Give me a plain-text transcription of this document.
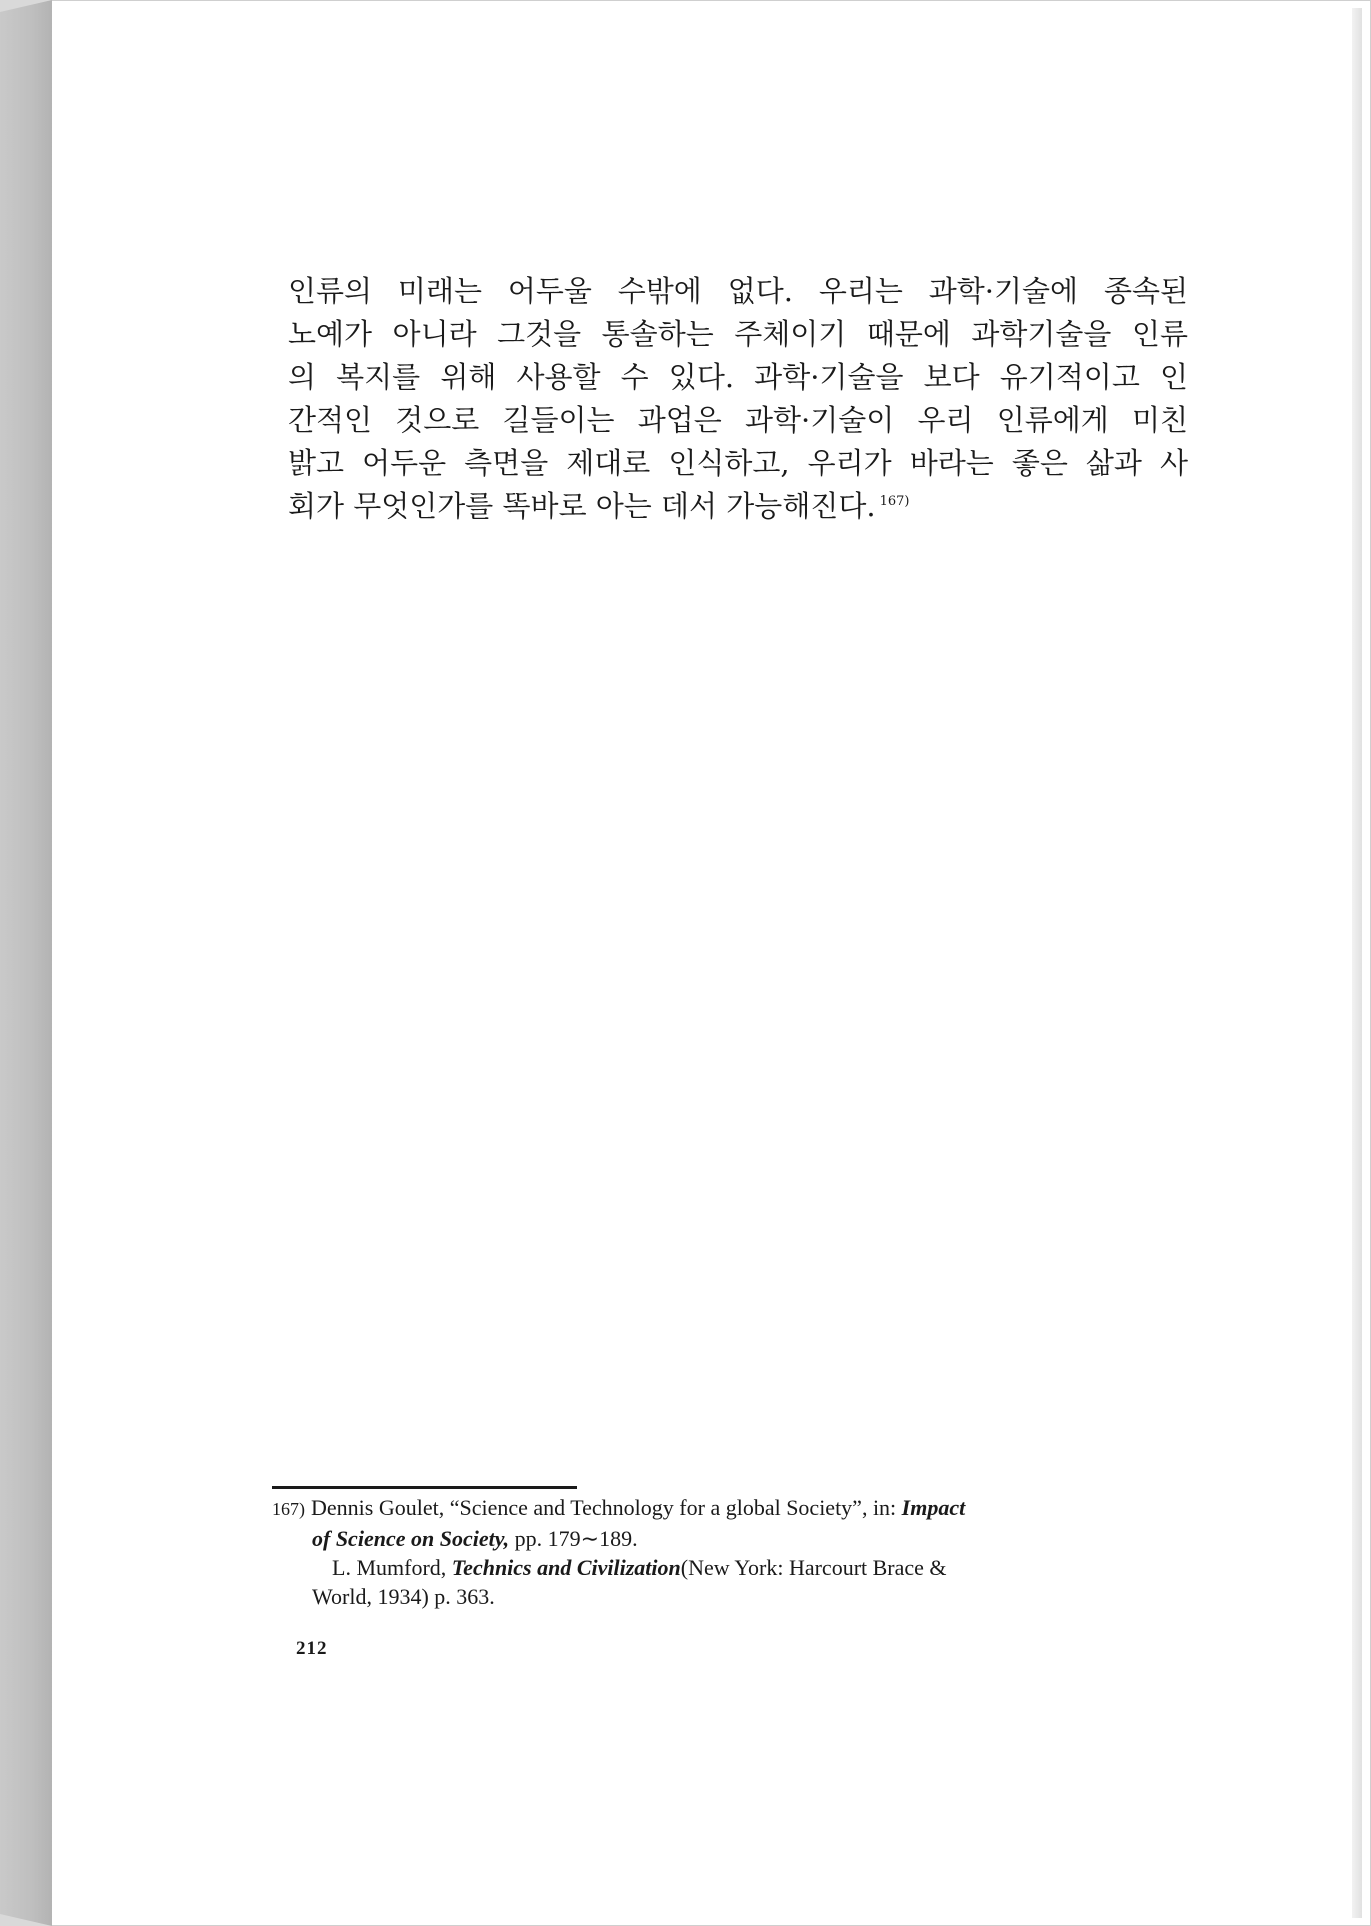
인류의 미래는 어두울 수밖에 없다. 우리는 과학·기술에 종속된
노예가 아니라 그것을 통솔하는 주체이기 때문에 과학기술을 인류
의 복지를 위해 사용할 수 있다. 과학·기술을 보다 유기적이고 인
간적인 것으로 길들이는 과업은 과학·기술이 우리 인류에게 미친
밝고 어두운 측면을 제대로 인식하고, 우리가 바라는 좋은 삶과 사
회가 무엇인가를 똑바로 아는 데서 가능해진다. $^{167)}$
167) Dennis Goulet, “Science and Technology for a global Society”, in: Impact
of Science on Society, pp. 179∼189.
L. Mumford, Technics and Civilization(New York: Harcourt Brace &
World, 1934) p. 363.
212
